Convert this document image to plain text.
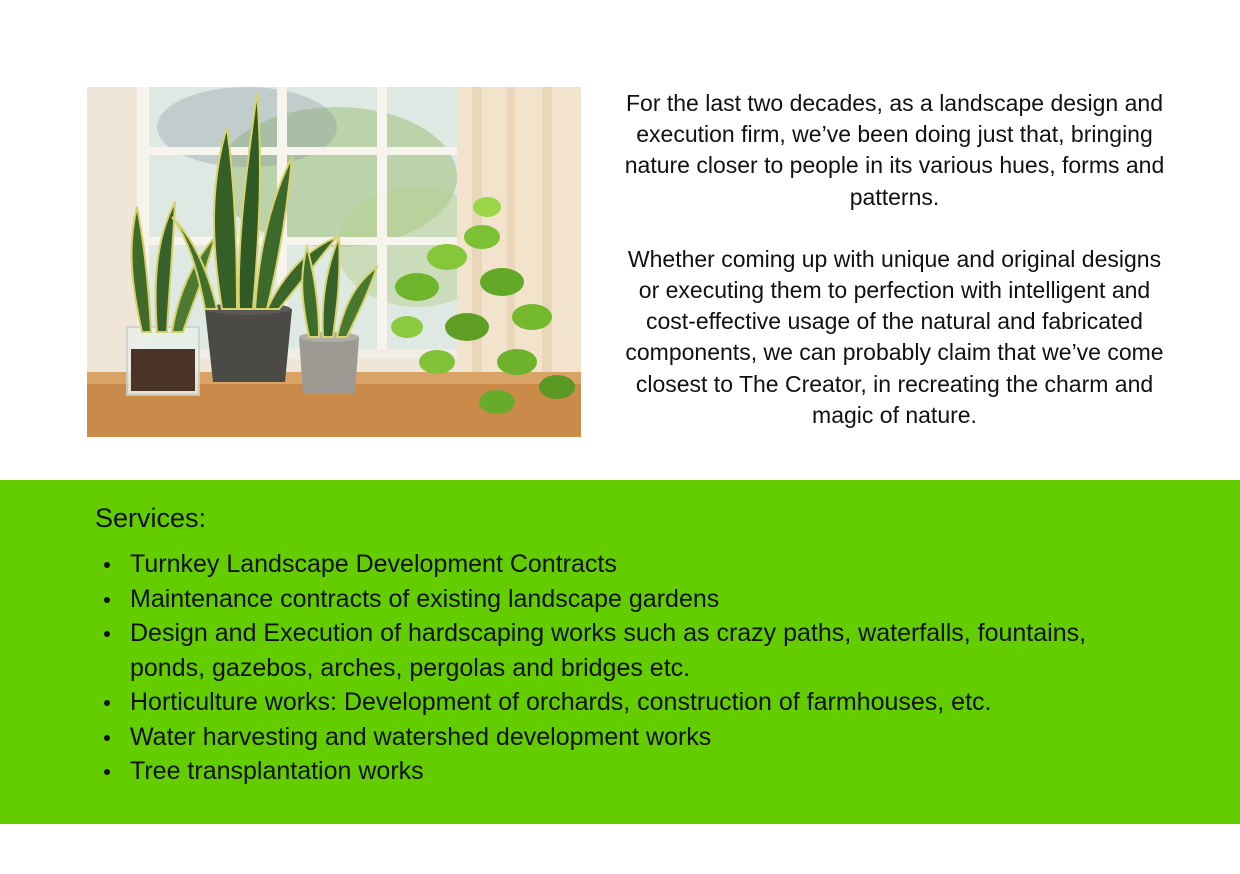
For the last two decades, as a landscape design and execution firm, we’ve been doing just that, bringing nature closer to people in its various hues, forms and patterns.

Whether coming up with unique and original designs or executing them to perfection with intelligent and cost-effective usage of the natural and fabricated components, we can probably claim that we’ve come closest to The Creator, in recreating the charm and magic of nature.

Services:
Turnkey Landscape Development Contracts
Maintenance contracts of existing landscape gardens
Design and Execution of hardscaping works such as crazy paths, waterfalls, fountains, ponds, gazebos, arches, pergolas and bridges etc.
Horticulture works: Development of orchards, construction of farmhouses, etc.
Water harvesting and watershed development works
Tree transplantation works
